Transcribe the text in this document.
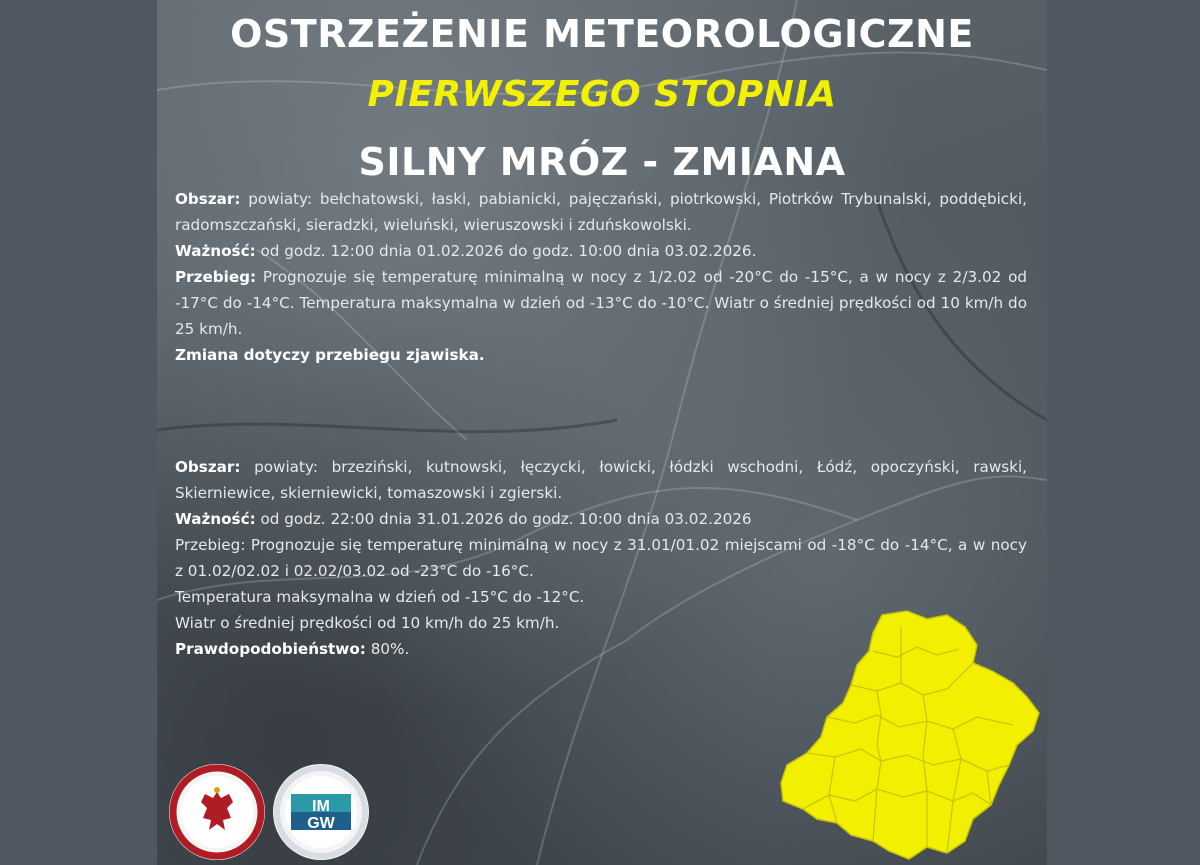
OSTRZEŻENIE METEOROLOGICZNE
PIERWSZEGO STOPNIA
SILNY MRÓZ - ZMIANA

Obszar: powiaty: bełchatowski, łaski, pabianicki, pajęczański, piotrkowski, Piotrków Trybunalski, poddębicki, radomszczański, sieradzki, wieluński, wieruszowski i zduńskowolski.

Ważność: od godz. 12:00 dnia 01.02.2026 do godz. 10:00 dnia 03.02.2026.

Przebieg: Prognozuje się temperaturę minimalną w nocy z 1/2.02 od -20°C do -15°C, a w nocy z 2/3.02 od -17°C do -14°C. Temperatura maksymalna w dzień od -13°C do -10°C. Wiatr o średniej prędkości od 10 km/h do 25 km/h.

Zmiana dotyczy przebiegu zjawiska.

Obszar: powiaty: brzeziński, kutnowski, łęczycki, łowicki, łódzki wschodni, Łódź, opoczyński, rawski, Skierniewice, skierniewicki, tomaszowski i zgierski.

Ważność: od godz. 22:00 dnia 31.01.2026 do godz. 10:00 dnia 03.02.2026

Przebieg: Prognozuje się temperaturę minimalną w nocy z 31.01/01.02 miejscami od -18°C do -14°C, a w nocy z 01.02/02.02 i 02.02/03.02 od -23°C do -16°C.

Temperatura maksymalna w dzień od -15°C do -12°C.

Wiatr o średniej prędkości od 10 km/h do 25 km/h.

Prawdopodobieństwo: 80%.

IM
GW
